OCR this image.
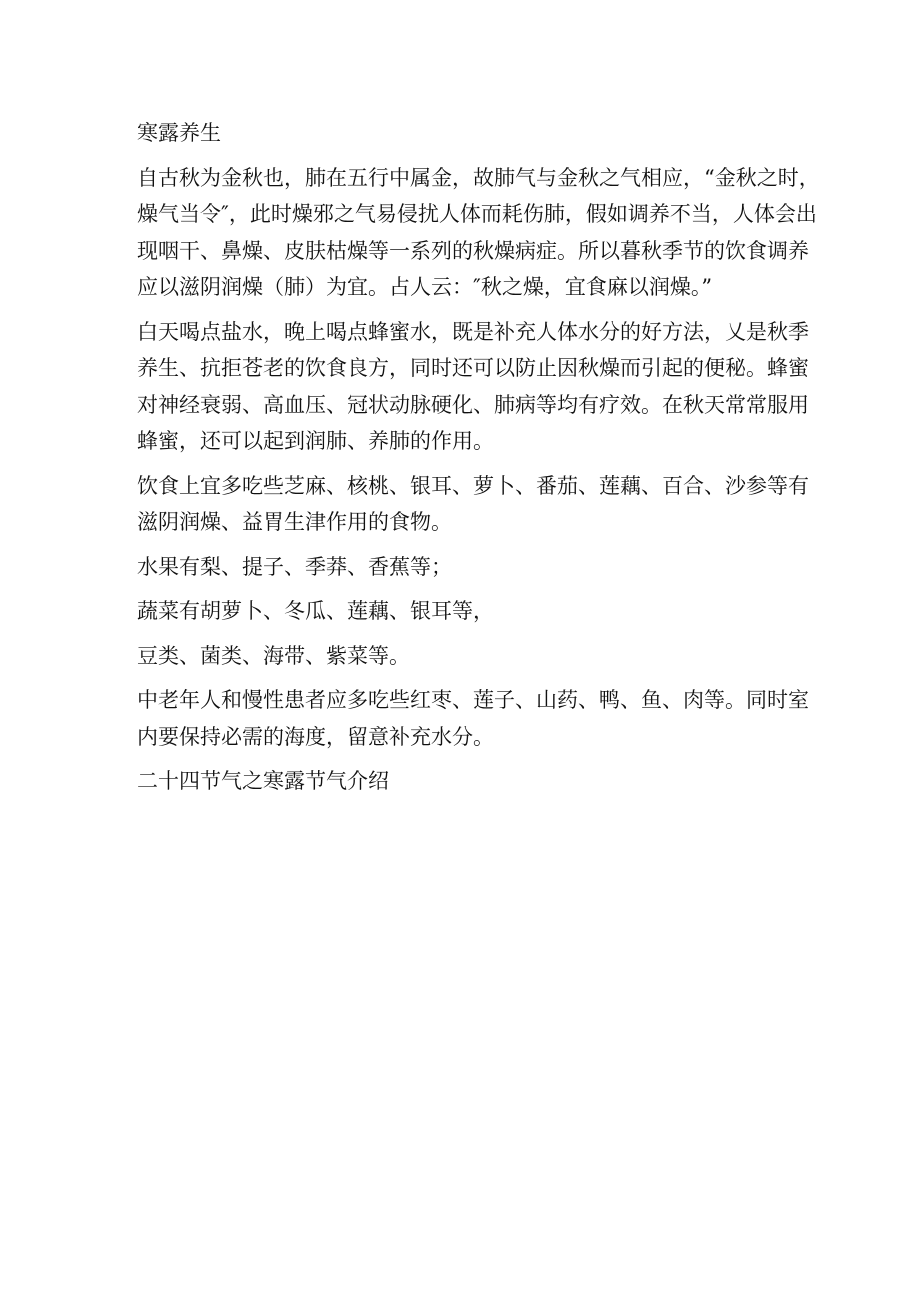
寒露养生

自古秋为金秋也，肺在五行中属金，故肺气与金秋之气相应，“金秋之时，
燥气当令″，此时燥邪之气易侵扰人体而耗伤肺，假如调养不当，人体会出
现咽干、鼻燥、皮肤枯燥等一系列的秋燥病症。所以暮秋季节的饮食调养
应以滋阴润燥（肺）为宜。占人云：″秋之燥，宜食麻以润燥。”

白天喝点盐水，晚上喝点蜂蜜水，既是补充人体水分的好方法，乂是秋季
养生、抗拒苍老的饮食良方，同时还可以防止因秋燥而引起的便秘。蜂蜜
对神经衰弱、高血压、冠状动脉硬化、肺病等均有疗效。在秋天常常服用
蜂蜜，还可以起到润肺、养肺的作用。

饮食上宜多吃些芝麻、核桃、银耳、萝卜、番茄、莲藕、百合、沙参等有
滋阴润燥、益胃生津作用的食物。

水果有梨、提子、季莽、香蕉等；

蔬菜有胡萝卜、冬瓜、莲藕、银耳等，

豆类、菌类、海带、紫菜等。

中老年人和慢性患者应多吃些红枣、莲子、山药、鸭、鱼、肉等。同时室
内要保持必需的海度，留意补充水分。

二十四节气之寒露节气介绍
